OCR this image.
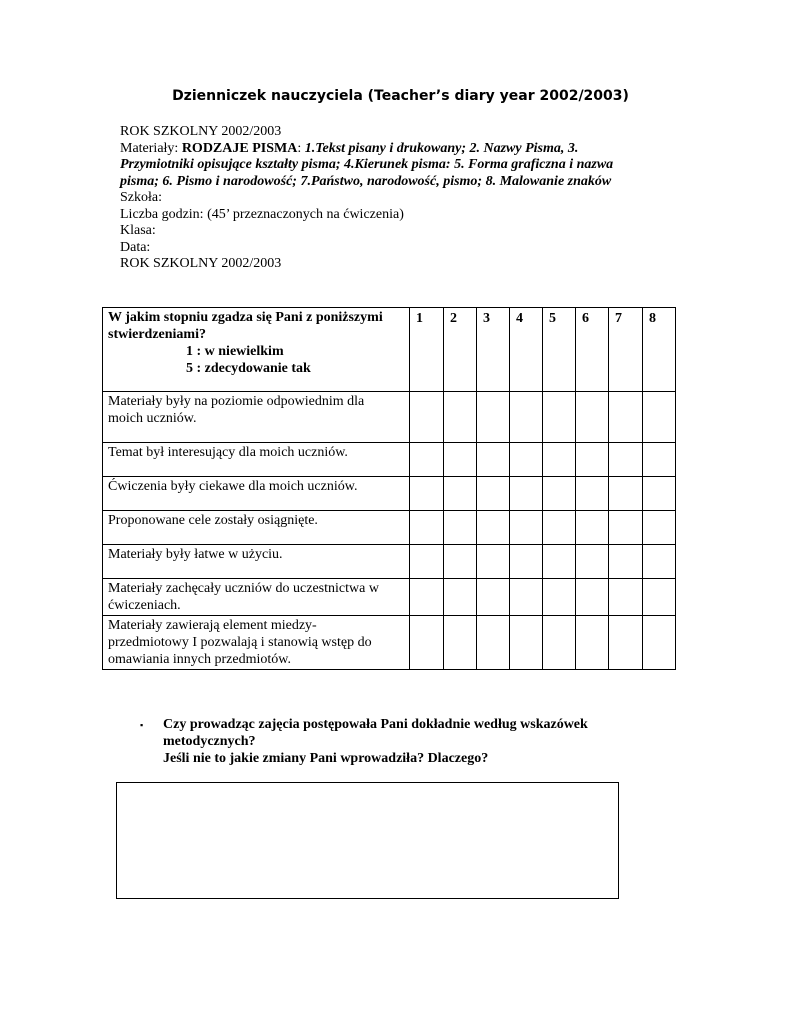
Dzienniczek nauczyciela (Teacher’s diary year 2002/2003)
ROK SZKOLNY 2002/2003
Materiały: RODZAJE PISMA: 1.Tekst pisany i drukowany; 2. Nazwy Pisma, 3.
Przymiotniki opisujące kształty pisma; 4.Kierunek pisma: 5. Forma graficzna i nazwa
pisma; 6. Pismo i narodowość; 7.Państwo, narodowość, pismo; 8. Malowanie znaków
Szkoła:
Liczba godzin: (45’ przeznaczonych na ćwiczenia)
Klasa:
Data:
ROK SZKOLNY 2002/2003
W jakim stopniu zgadza się Pani z poniższymi
stwierdzeniami?
1 : w niewielkim
5 : zdecydowanie tak	1	2	3	4	5	6	7	8

Materiały były na poziomie odpowiednim dla
moich uczniów.								

Temat był interesujący dla moich uczniów.								

Ćwiczenia były ciekawe dla moich uczniów.								

Proponowane cele zostały osiągnięte.								

Materiały były łatwe w użyciu.								

Materiały zachęcały uczniów do uczestnictwa w
ćwiczeniach.								

Materiały zawierają element miedzy-
przedmiotowy I pozwalają i stanowią wstęp do
omawiania innych przedmiotów.								

▪ Czy prowadząc zajęcia postępowała Pani dokładnie według wskazówek
metodycznych?
Jeśli nie to jakie zmiany Pani wprowadziła? Dlaczego?
